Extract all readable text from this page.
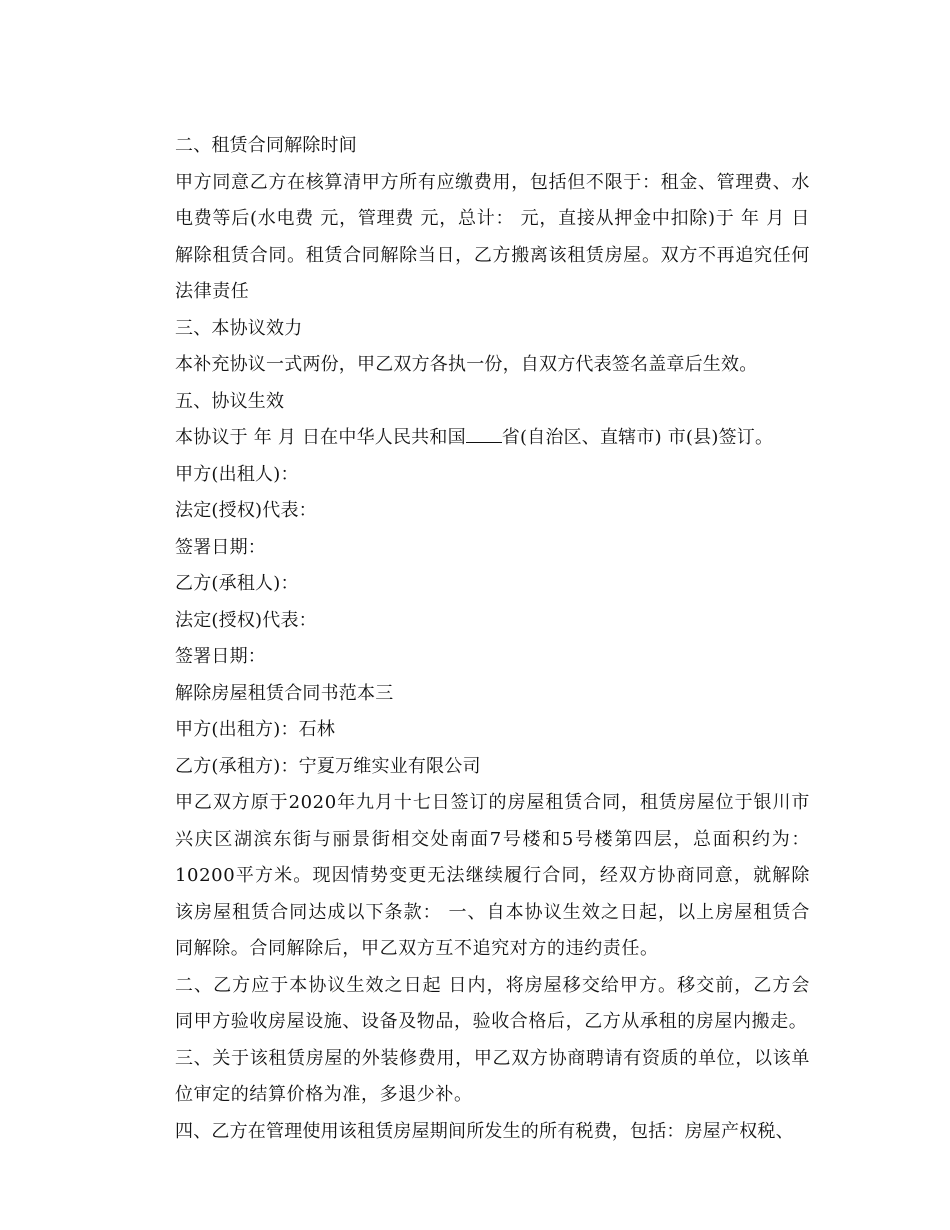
二、租赁合同解除时间
甲方同意乙方在核算清甲方所有应缴费用，包括但不限于：租金、管理费、水电费等后(水电费 元，管理费 元，总计： 元，直接从押金中扣除)于 年 月 日解除租赁合同。租赁合同解除当日，乙方搬离该租赁房屋。双方不再追究任何法律责任
三、本协议效力
本补充协议一式两份，甲乙双方各执一份，自双方代表签名盖章后生效。
五、协议生效
本协议于 年 月 日在中华人民共和国 省(自治区、直辖市) 市(县)签订。
甲方(出租人)：
法定(授权)代表：
签署日期：
乙方(承租人)：
法定(授权)代表：
签署日期：
解除房屋租赁合同书范本三
甲方(出租方)：石林
乙方(承租方)：宁夏万维实业有限公司
甲乙双方原于2020年九月十七日签订的房屋租赁合同，租赁房屋位于银川市兴庆区湖滨东街与丽景街相交处南面7号楼和5号楼第四层，总面积约为：10200平方米。现因情势变更无法继续履行合同，经双方协商同意，就解除该房屋租赁合同达成以下条款： 一、自本协议生效之日起，以上房屋租赁合同解除。合同解除后，甲乙双方互不追究对方的违约责任。
二、乙方应于本协议生效之日起 日内，将房屋移交给甲方。移交前，乙方会同甲方验收房屋设施、设备及物品，验收合格后，乙方从承租的房屋内搬走。
三、关于该租赁房屋的外装修费用，甲乙双方协商聘请有资质的单位，以该单位审定的结算价格为准，多退少补。
四、乙方在管理使用该租赁房屋期间所发生的所有税费，包括：房屋产权税、
